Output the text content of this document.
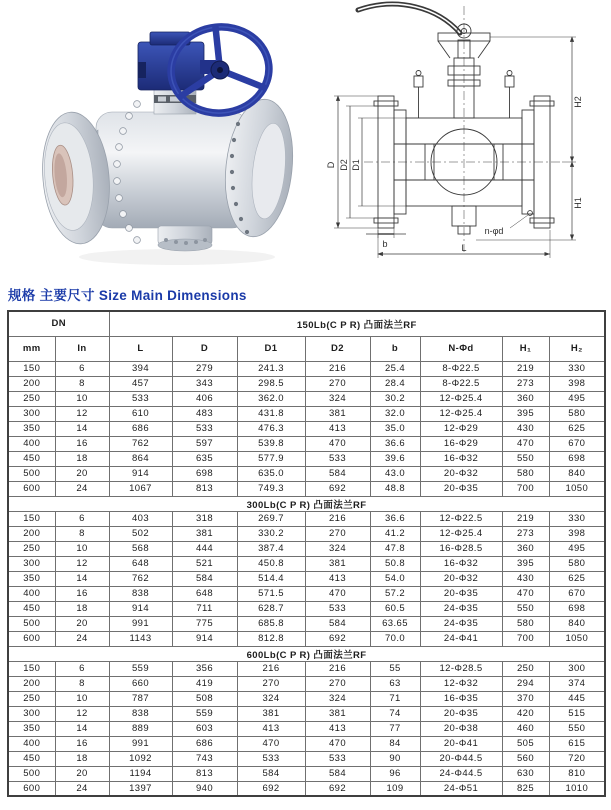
D D2 D1
H2
H1
b	L
n-φd
规格 主要尺寸 Size Main Dimensions
DN		150Lb(C P R) 凸面法兰RF							
mm	In	L	D	D1	D2	b	N-Φd	H₁	H₂
150	6	394	279	241.3	216	25.4	8-Φ22.5	219	330
200	8	457	343	298.5	270	28.4	8-Φ22.5	273	398
250	10	533	406	362.0	324	30.2	12-Φ25.4	360	495
300	12	610	483	431.8	381	32.0	12-Φ25.4	395	580
350	14	686	533	476.3	413	35.0	12-Φ29	430	625
400	16	762	597	539.8	470	36.6	16-Φ29	470	670
450	18	864	635	577.9	533	39.6	16-Φ32	550	698
500	20	914	698	635.0	584	43.0	20-Φ32	580	840
600	24	1067	813	749.3	692	48.8	20-Φ35	700	1050
300Lb(C P R) 凸面法兰RF									
150	6	403	318	269.7	216	36.6	12-Φ22.5	219	330
200	8	502	381	330.2	270	41.2	12-Φ25.4	273	398
250	10	568	444	387.4	324	47.8	16-Φ28.5	360	495
300	12	648	521	450.8	381	50.8	16-Φ32	395	580
350	14	762	584	514.4	413	54.0	20-Φ32	430	625
400	16	838	648	571.5	470	57.2	20-Φ35	470	670
450	18	914	711	628.7	533	60.5	24-Φ35	550	698
500	20	991	775	685.8	584	63.65	24-Φ35	580	840
600	24	1143	914	812.8	692	70.0	24-Φ41	700	1050
600Lb(C P R) 凸面法兰RF									
150	6	559	356	216	216	55	12-Φ28.5	250	300
200	8	660	419	270	270	63	12-Φ32	294	374
250	10	787	508	324	324	71	16-Φ35	370	445
300	12	838	559	381	381	74	20-Φ35	420	515
350	14	889	603	413	413	77	20-Φ38	460	550
400	16	991	686	470	470	84	20-Φ41	505	615
450	18	1092	743	533	533	90	20-Φ44.5	560	720
500	20	1194	813	584	584	96	24-Φ44.5	630	810
600	24	1397	940	692	692	109	24-Φ51	825	1010
